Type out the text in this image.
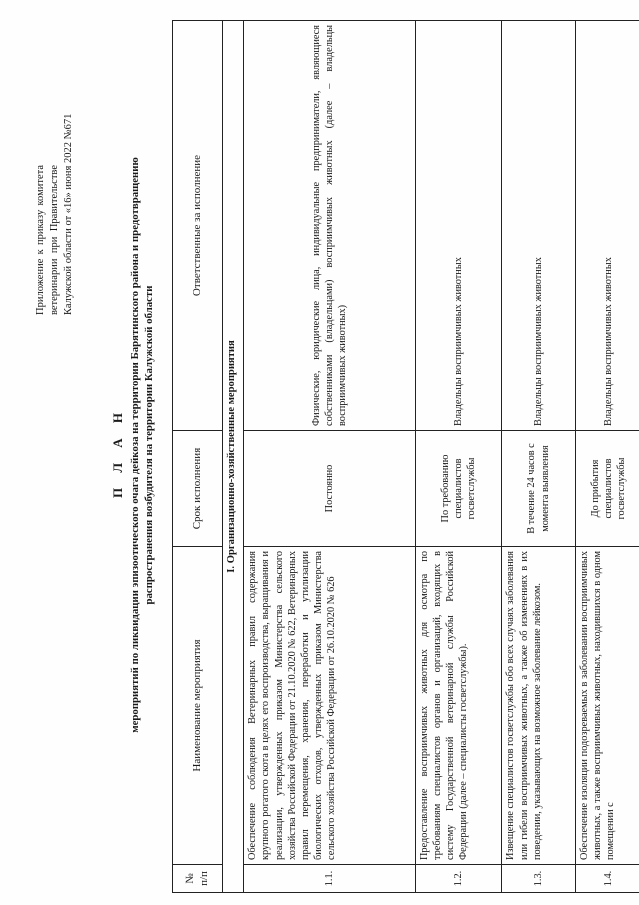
Приложение к приказу комитета ветеринарии при Правительстве Калужской области от «16» июня 2022 №671
П Л А Н мероприятий по ликвидации эпизоотического очага дейкоза на территории Барятинского района и предотвращению распространения возбудителя на территории Калужской области
№ п/п	Наименование мероприятия	Срок исполнения	Ответственные за исполнение
I. Организационно-хозяйственные мероприятия			
1.1.	Обеспечение соблюдения Ветеринарных правил содержания крупного рогатого скота в целях его воспроизводства, выращивания и реализации, утвержденных приказом Министерства сельского хозяйства Российской Федерации от 21.10.2020 № 622, Ветеринарных правил перемещения, хранения, переработки и утилизации биологических отходов, утвержденных приказом Министерства сельского хозяйства Российской Федерации от 26.10.2020 № 626	Постоянно	Физические, юридические лица, индивидуальные предприниматели, являющиеся собственниками (владельцами) восприимчивых животных (далее – владельцы восприимчивых животных)
1.2.	Предоставление восприимчивых животных для осмотра по требованиям специалистов органов и организаций, входящих в систему Государственной ветеринарной службы Российской Федерации (далее – специалисты госветслужбы).	По требованию специалистов госветслужбы	Владельцы восприимчивых животных
1.3.	Извещение специалистов госветслужбы обо всех случаях заболевания или гибели восприимчивых животных, а также об изменениях в их поведении, указывающих на возможное заболевание лейкозом.	В течение 24 часов с момента выявления	Владельцы восприимчивых животных
1.4.	Обеспечение изоляции подозреваемых в заболевании восприимчивых животных, а также восприимчивых животных, находившихся в одном помещении с	До прибытия специалистов госветслужбы	Владельцы восприимчивых животных
